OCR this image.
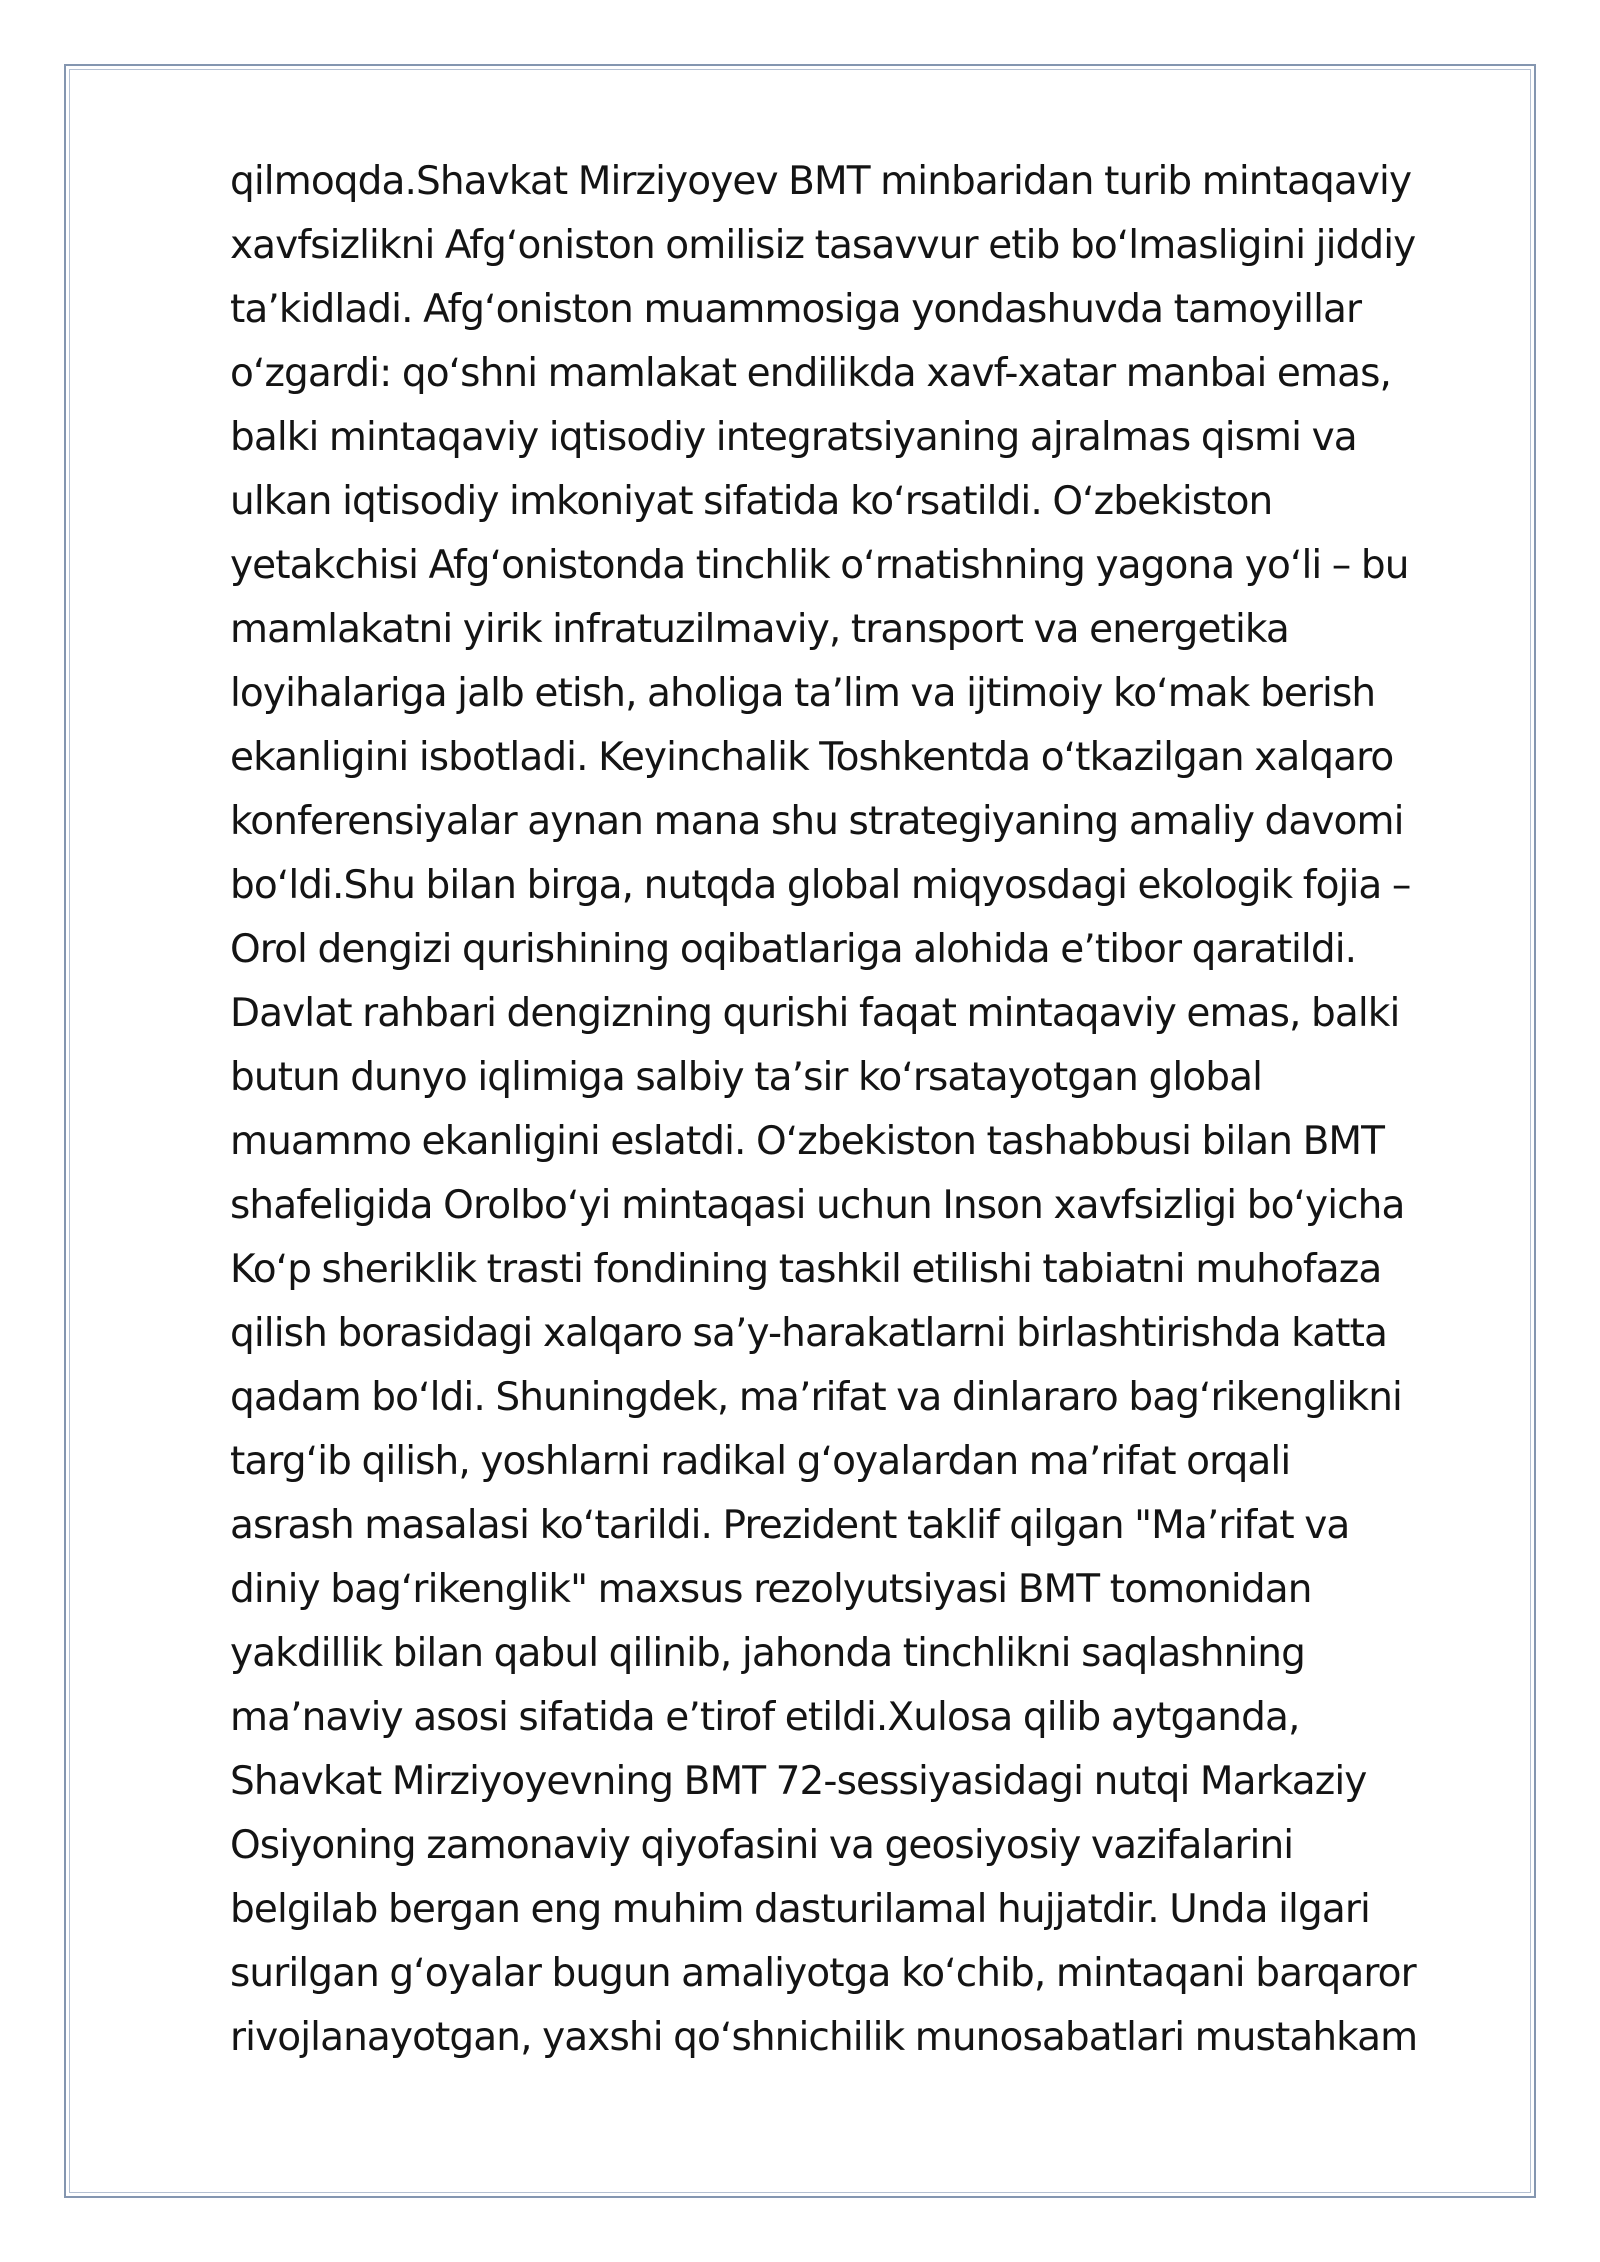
qilmoqda.Shavkat Mirziyoyev BMT minbaridan turib mintaqaviy
xavfsizlikni Afg‘oniston omilisiz tasavvur etib bo‘lmasligini jiddiy
ta’kidladi. Afg‘oniston muammosiga yondashuvda tamoyillar
o‘zgardi: qo‘shni mamlakat endilikda xavf-xatar manbai emas,
balki mintaqaviy iqtisodiy integratsiyaning ajralmas qismi va
ulkan iqtisodiy imkoniyat sifatida ko‘rsatildi. O‘zbekiston
yetakchisi Afg‘onistonda tinchlik o‘rnatishning yagona yo‘li – bu
mamlakatni yirik infratuzilmaviy, transport va energetika
loyihalariga jalb etish, aholiga ta’lim va ijtimoiy ko‘mak berish
ekanligini isbotladi. Keyinchalik Toshkentda o‘tkazilgan xalqaro
konferensiyalar aynan mana shu strategiyaning amaliy davomi
bo‘ldi.Shu bilan birga, nutqda global miqyosdagi ekologik fojia –
Orol dengizi qurishining oqibatlariga alohida e’tibor qaratildi.
Davlat rahbari dengizning qurishi faqat mintaqaviy emas, balki
butun dunyo iqlimiga salbiy ta’sir ko‘rsatayotgan global
muammo ekanligini eslatdi. O‘zbekiston tashabbusi bilan BMT
shafeligida Orolbo‘yi mintaqasi uchun Inson xavfsizligi bo‘yicha
Ko‘p sheriklik trasti fondining tashkil etilishi tabiatni muhofaza
qilish borasidagi xalqaro sa’y-harakatlarni birlashtirishda katta
qadam bo‘ldi. Shuningdek, ma’rifat va dinlararo bag‘rikenglikni
targ‘ib qilish, yoshlarni radikal g‘oyalardan ma’rifat orqali
asrash masalasi ko‘tarildi. Prezident taklif qilgan "Ma’rifat va
diniy bag‘rikenglik" maxsus rezolyutsiyasi BMT tomonidan
yakdillik bilan qabul qilinib, jahonda tinchlikni saqlashning
ma’naviy asosi sifatida e’tirof etildi.Xulosa qilib aytganda,
Shavkat Mirziyoyevning BMT 72-sessiyasidagi nutqi Markaziy
Osiyoning zamonaviy qiyofasini va geosiyosiy vazifalarini
belgilab bergan eng muhim dasturilamal hujjatdir. Unda ilgari
surilgan g‘oyalar bugun amaliyotga ko‘chib, mintaqani barqaror
rivojlanayotgan, yaxshi qo‘shnichilik munosabatlari mustahkam
